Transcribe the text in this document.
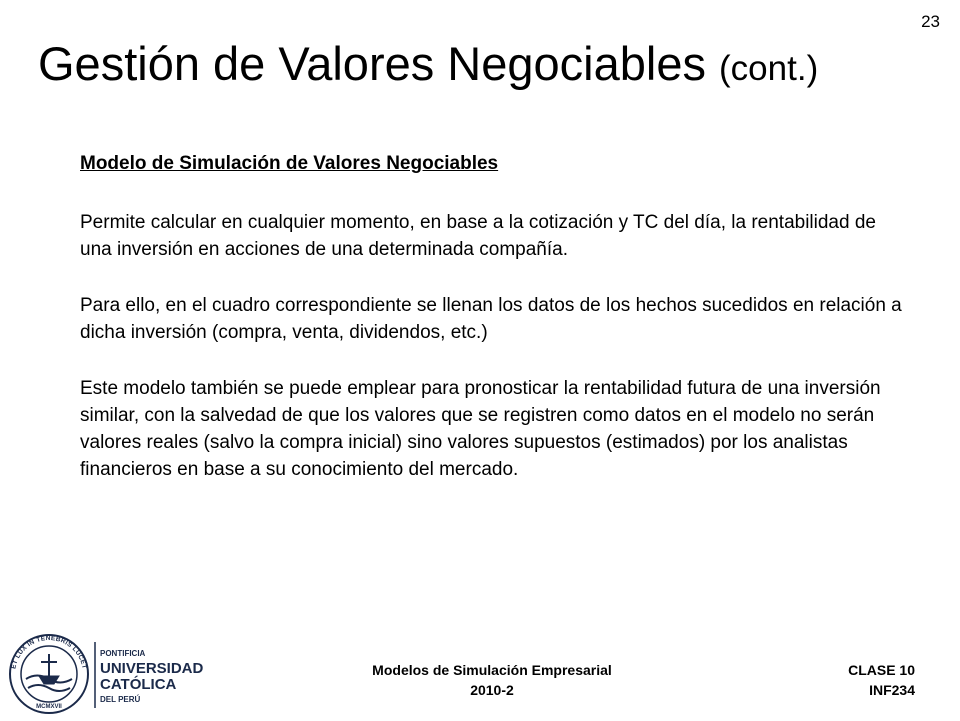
23
Gestión de Valores Negociables (cont.)

Modelo de Simulación de Valores Negociables

Permite calcular en cualquier momento, en base a la cotización y TC del día, la rentabilidad de una inversión en acciones de una determinada compañía.

Para ello, en el cuadro correspondiente se llenan los datos de los hechos sucedidos en relación a dicha inversión (compra, venta, dividendos, etc.)

Este modelo también se puede emplear para pronosticar la rentabilidad futura de una inversión similar, con la salvedad de que los valores que se registren como datos en el modelo no serán valores reales (salvo la compra inicial) sino valores supuestos (estimados) por los analistas financieros en base a su conocimiento del mercado.

ET LUX IN TENEBRIS LUCET
MCMXVII
PONTIFICIA
UNIVERSIDAD
CATÓLICA
DEL PERÚ
Modelos de Simulación Empresarial
2010-2
CLASE 10
INF234
